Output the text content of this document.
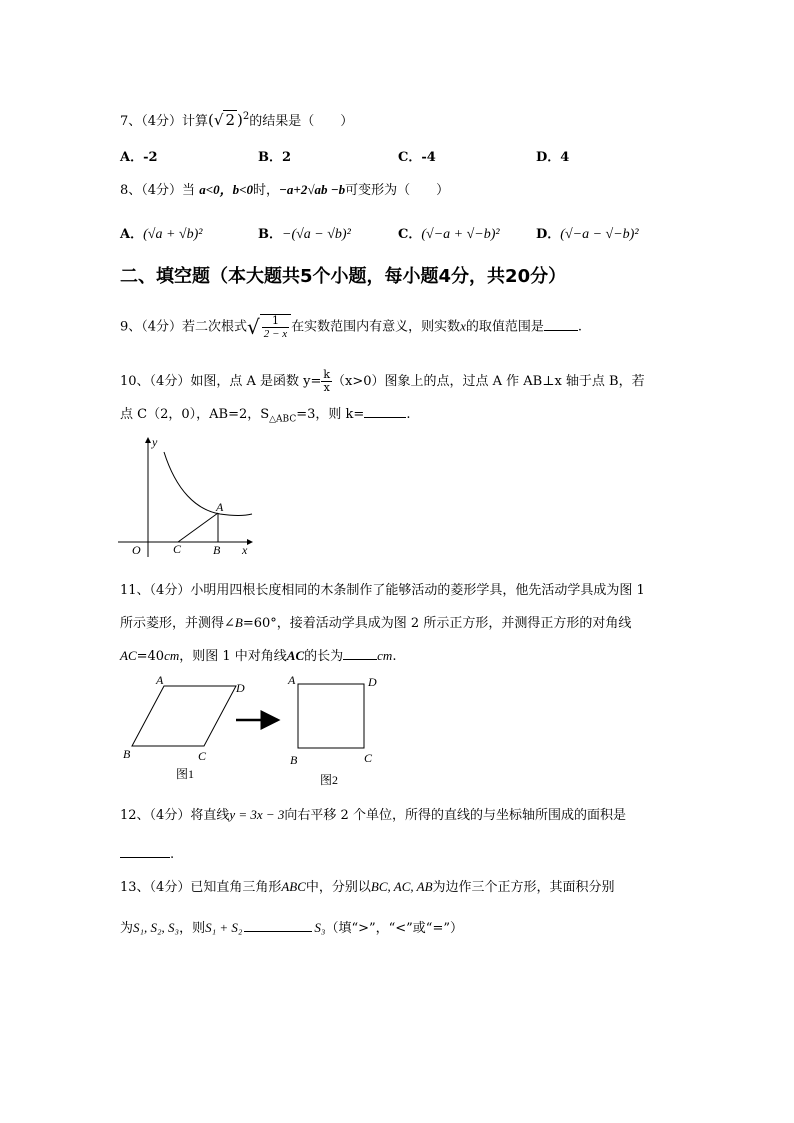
7、（4分）计算(√ 2 )$^2$的结果是（　　）
A．-2	B．2	C．-4	D．4
8、（4分）当 a<0，b<0时，−a+2√ab −b可变形为（　　）
A．(√a + √b)²	B．−(√a − √b)²	C．(√−a + √−b)²	D．(√−a − √−b)²
二、填空题（本大题共5个小题，每小题4分，共20分）
9、（4分）若二次根式√ $\frac{1}{2 - x}$ 在实数范围内有意义，则实数x的取值范围是	.
10、（4分）如图，点 A 是函数 $y= \frac{k}{x} (x>0)$图象上的点，过点 A 作 AB⊥x 轴于点 B，若
点 C（2，0），AB=2，$S_{\triangle ABC}=3$，则 k=	.
y
x
O	C	B
A
11、（4分）小明用四根长度相同的木条制作了能够活动的菱形学具，他先活动学具成为图 1
所示菱形，并测得∠B=60°，接着活动学具成为图 2 所示正方形，并测得正方形的对角线
AC=40cm，则图 1 中对角线AC的长为	cm.
A
D
B	C
图1
A	D
B	C
图2
12、（4分）将直线y = 3x − 3向右平移 2 个单位，所得的直线的与坐标轴所围成的面积是
.
13、（4分）已知直角三角形ABC中，分别以BC, AC, AB为边作三个正方形，其面积分别
为S₁, S₂, S₃，则S₁ + S₂	S₃（填“>”，“<”或“=”）
